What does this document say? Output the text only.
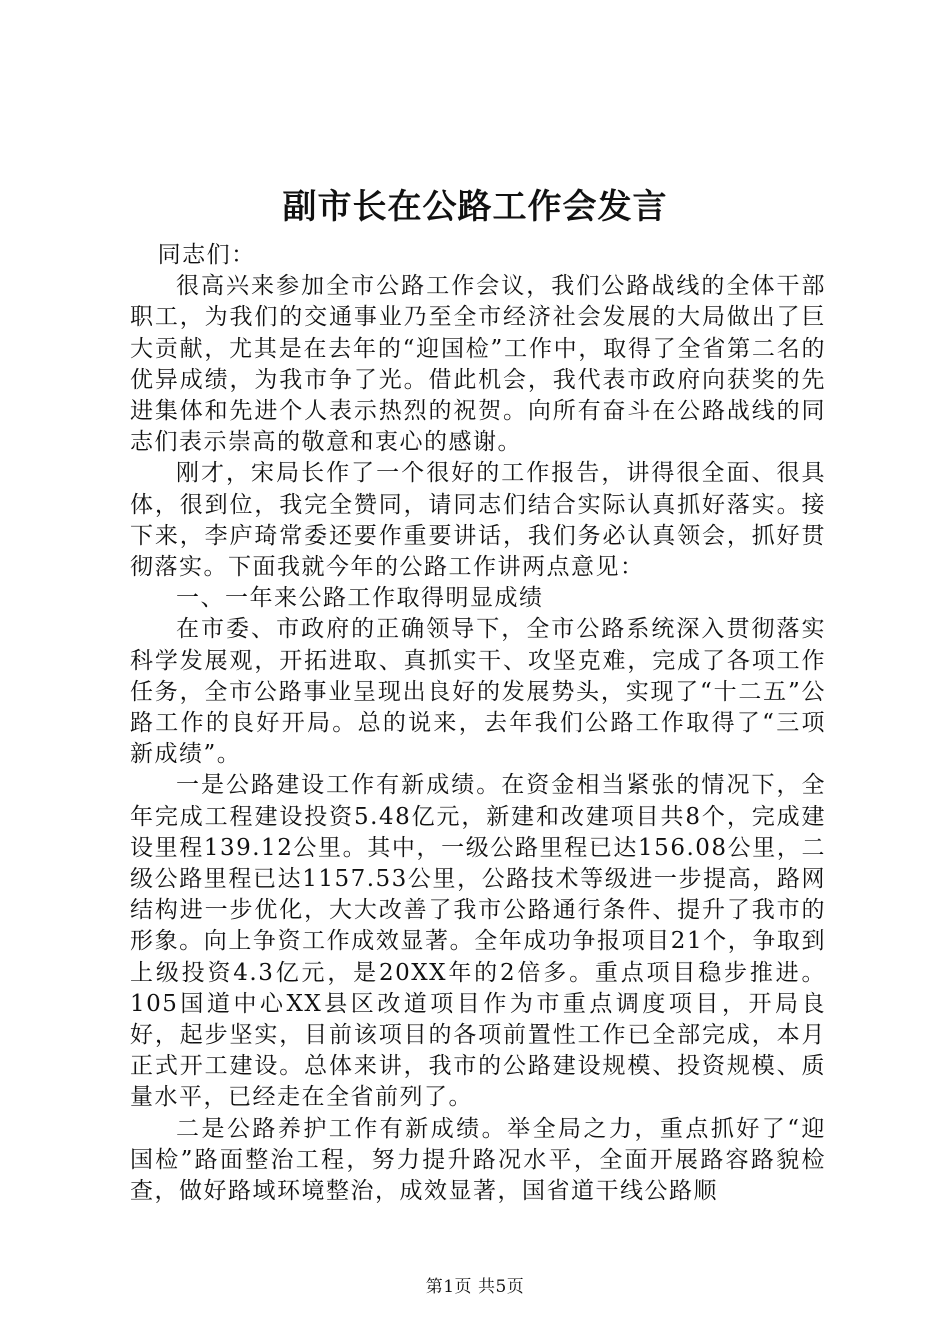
副市长在公路工作会发言

同志们：

很高兴来参加全市公路工作会议，我们公路战线的全体干部职工，为我们的交通事业乃至全市经济社会发展的大局做出了巨大贡献，尤其是在去年的“迎国检”工作中，取得了全省第二名的优异成绩，为我市争了光。借此机会，我代表市政府向获奖的先进集体和先进个人表示热烈的祝贺。向所有奋斗在公路战线的同志们表示崇高的敬意和衷心的感谢。

刚才，宋局长作了一个很好的工作报告，讲得很全面、很具体，很到位，我完全赞同，请同志们结合实际认真抓好落实。接下来，李庐琦常委还要作重要讲话，我们务必认真领会，抓好贯彻落实。下面我就今年的公路工作讲两点意见：

一、一年来公路工作取得明显成绩

在市委、市政府的正确领导下，全市公路系统深入贯彻落实科学发展观，开拓进取、真抓实干、攻坚克难，完成了各项工作任务，全市公路事业呈现出良好的发展势头，实现了“十二五”公路工作的良好开局。总的说来，去年我们公路工作取得了“三项新成绩”。

一是公路建设工作有新成绩。在资金相当紧张的情况下，全年完成工程建设投资5.48亿元，新建和改建项目共8个，完成建设里程139.12公里。其中，一级公路里程已达156.08公里，二级公路里程已达1157.53公里，公路技术等级进一步提高，路网结构进一步优化，大大改善了我市公路通行条件、提升了我市的形象。向上争资工作成效显著。全年成功争报项目21个，争取到上级投资4.3亿元，是20XX年的2倍多。重点项目稳步推进。105国道中心XX县区改道项目作为市重点调度项目，开局良好，起步坚实，目前该项目的各项前置性工作已全部完成，本月正式开工建设。总体来讲，我市的公路建设规模、投资规模、质量水平，已经走在全省前列了。

二是公路养护工作有新成绩。举全局之力，重点抓好了“迎国检”路面整治工程，努力提升路况水平，全面开展路容路貌检查，做好路域环境整治，成效显著，国省道干线公路顺

第1页 共5页
